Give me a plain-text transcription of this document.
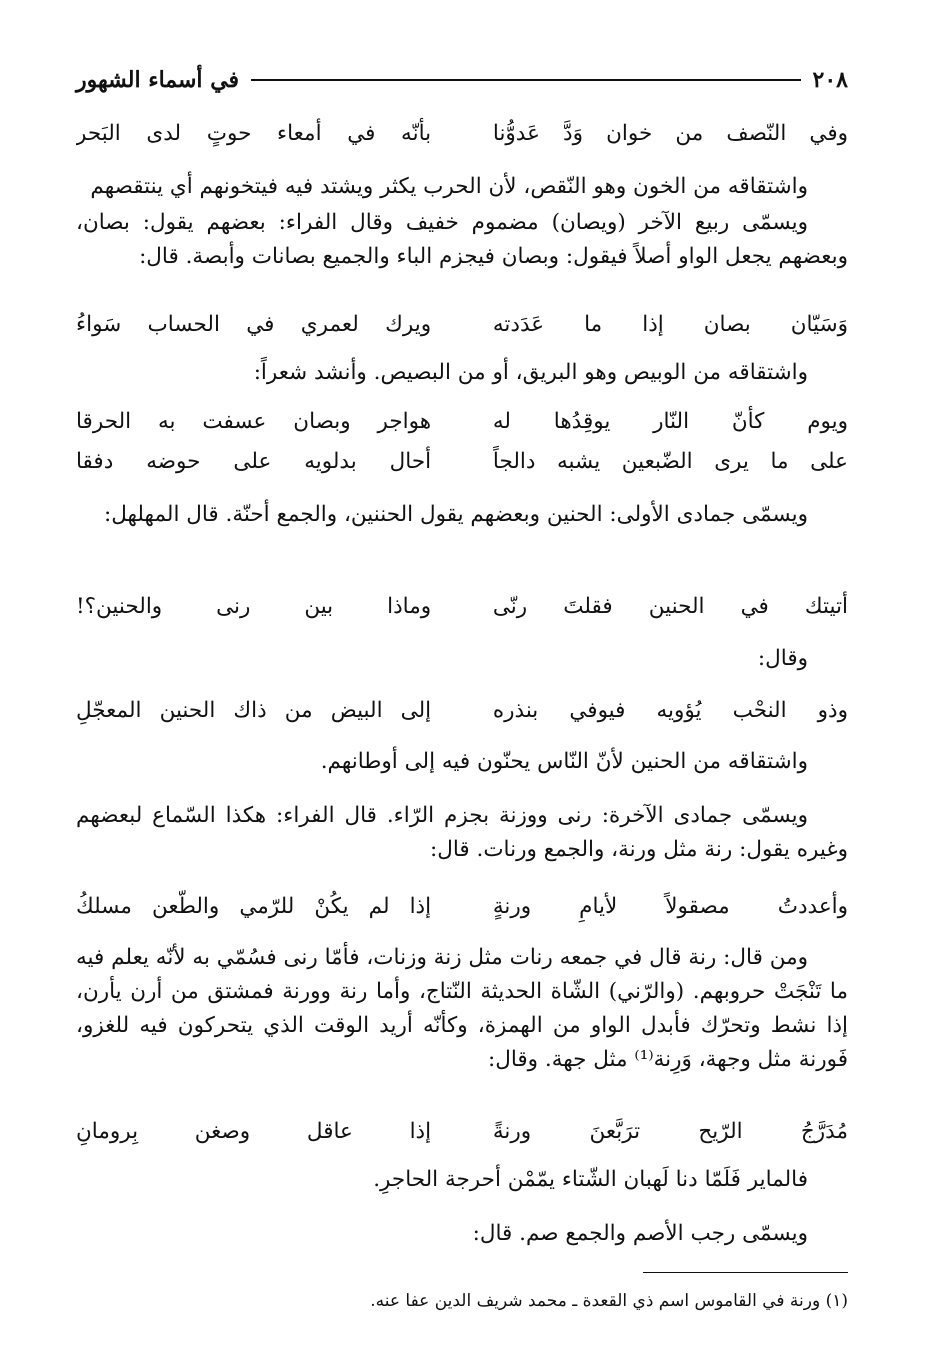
٢٠٨
في أسماء الشهور
وفي النّصف من خوان وَدَّ عَدوُّنا
بأنّه في أمعاء حوتٍ لدى البَحر

واشتقاقه من الخون وهو النّقص، لأن الحرب يكثر ويشتد فيه فيتخونهم أي ينتقصهم

ويسمّى ربيع الآخر (ويصان) مضموم خفيف وقال الفراء: بعضهم يقول: بصان، وبعضهم يجعل الواو أصلاً فيقول: وبصان فيجزم الباء والجميع بصانات وأبصة. قال:

وَسَيّان بصان إذا ما عَدَدته
ويرك لعمري في الحساب سَواءُ

واشتقاقه من الوبيص وهو البريق، أو من البصيص. وأنشد شعراً:

ويوم كأنّ النّار يوقِدُها له
هواجر وبصان عسفت به الحرقا
على ما يرى الضّبعين يشبه دالجاً
أحال بدلويه على حوضه دفقا

ويسمّى جمادى الأولى: الحنين وبعضهم يقول الحننين، والجمع أحنّة. قال المهلهل:

أتيتك في الحنين فقلتَ رنّى
وماذا بين رنى والحنين؟!

وقال:

وذو النحْب يُؤويه فيوفي بنذره
إلى البيض من ذاك الحنين المعجّلِ

واشتقاقه من الحنين لأنّ النّاس يحنّون فيه إلى أوطانهم.

ويسمّى جمادى الآخرة: رنى ووزنة بجزم الرّاء. قال الفراء: هكذا السّماع لبعضهم وغيره يقول: رنة مثل ورنة، والجمع ورنات. قال:

وأعددتُ مصقولاً لأيامِ ورنةٍ
إذا لم يكُنْ للرّمي والطّعن مسلكُ

ومن قال: رنة قال في جمعه رنات مثل زنة وزنات، فأمّا رنى فسُمّي به لأنّه يعلم فيه ما تَنْجَتْ حروبهم. (والرّني) الشّاة الحديثة النّتاج، وأما رنة وورنة فمشتق من أرن يأرن، إذا نشط وتحرّك فأبدل الواو من الهمزة، وكأنّه أريد الوقت الذي يتحركون فيه للغزو، فَورنة مثل وجهة، وَرِنة⁽¹⁾ مثل جهة. وقال:

مُدَرَّجُ الرّيح ترَبَّعنَ ورنةً
إذا عاقل وصغن بِرومانِ

فالماير فَلَمّا دنا لَهبان الشّتاء يمّمْن أحرجة الحاجرِ.

ويسمّى رجب الأصم والجمع صم. قال:

(١) ورنة في القاموس اسم ذي القعدة ـ محمد شريف الدين عفا عنه.
